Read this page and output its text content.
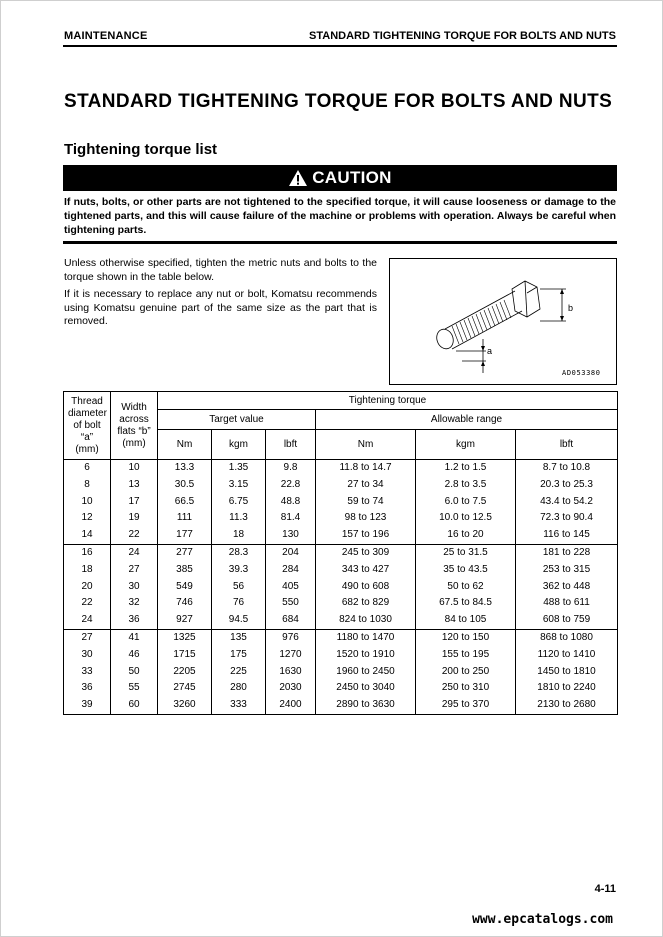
MAINTENANCE	STANDARD TIGHTENING TORQUE FOR BOLTS AND NUTS
STANDARD TIGHTENING TORQUE FOR BOLTS AND NUTS
Tightening torque list
CAUTION
If nuts, bolts, or other parts are not tightened to the specified torque, it will cause looseness or damage to the tightened parts, and this will cause failure of the machine or problems with operation. Always be careful when tightening parts.
Unless otherwise specified, tighten the metric nuts and bolts to the torque shown in the table below.
If it is necessary to replace any nut or bolt, Komatsu recommends using Komatsu genuine part of the same size as the part that is removed.
b
a
AD053380
Thread diameter of bolt “a” (mm)	Width across flats “b” (mm)	Tightening torque					
		Target value			Allowable range		
		Nm	kgm	lbft	Nm	kgm	lbft
6	10	13.3	1.35	9.8	11.8 to 14.7	1.2 to 1.5	8.7 to 10.8
8	13	30.5	3.15	22.8	27 to 34	2.8 to 3.5	20.3 to 25.3
10	17	66.5	6.75	48.8	59 to 74	6.0 to 7.5	43.4 to 54.2
12	19	111	11.3	81.4	98 to 123	10.0 to 12.5	72.3 to 90.4
14	22	177	18	130	157 to 196	16 to 20	116 to 145
16	24	277	28.3	204	245 to 309	25 to 31.5	181 to 228
18	27	385	39.3	284	343 to 427	35 to 43.5	253 to 315
20	30	549	56	405	490 to 608	50 to 62	362 to 448
22	32	746	76	550	682 to 829	67.5 to 84.5	488 to 611
24	36	927	94.5	684	824 to 1030	84 to 105	608 to 759
27	41	1325	135	976	1180 to 1470	120 to 150	868 to 1080
30	46	1715	175	1270	1520 to 1910	155 to 195	1120 to 1410
33	50	2205	225	1630	1960 to 2450	200 to 250	1450 to 1810
36	55	2745	280	2030	2450 to 3040	250 to 310	1810 to 2240
39	60	3260	333	2400	2890 to 3630	295 to 370	2130 to 2680
4-11
www.epcatalogs.com
